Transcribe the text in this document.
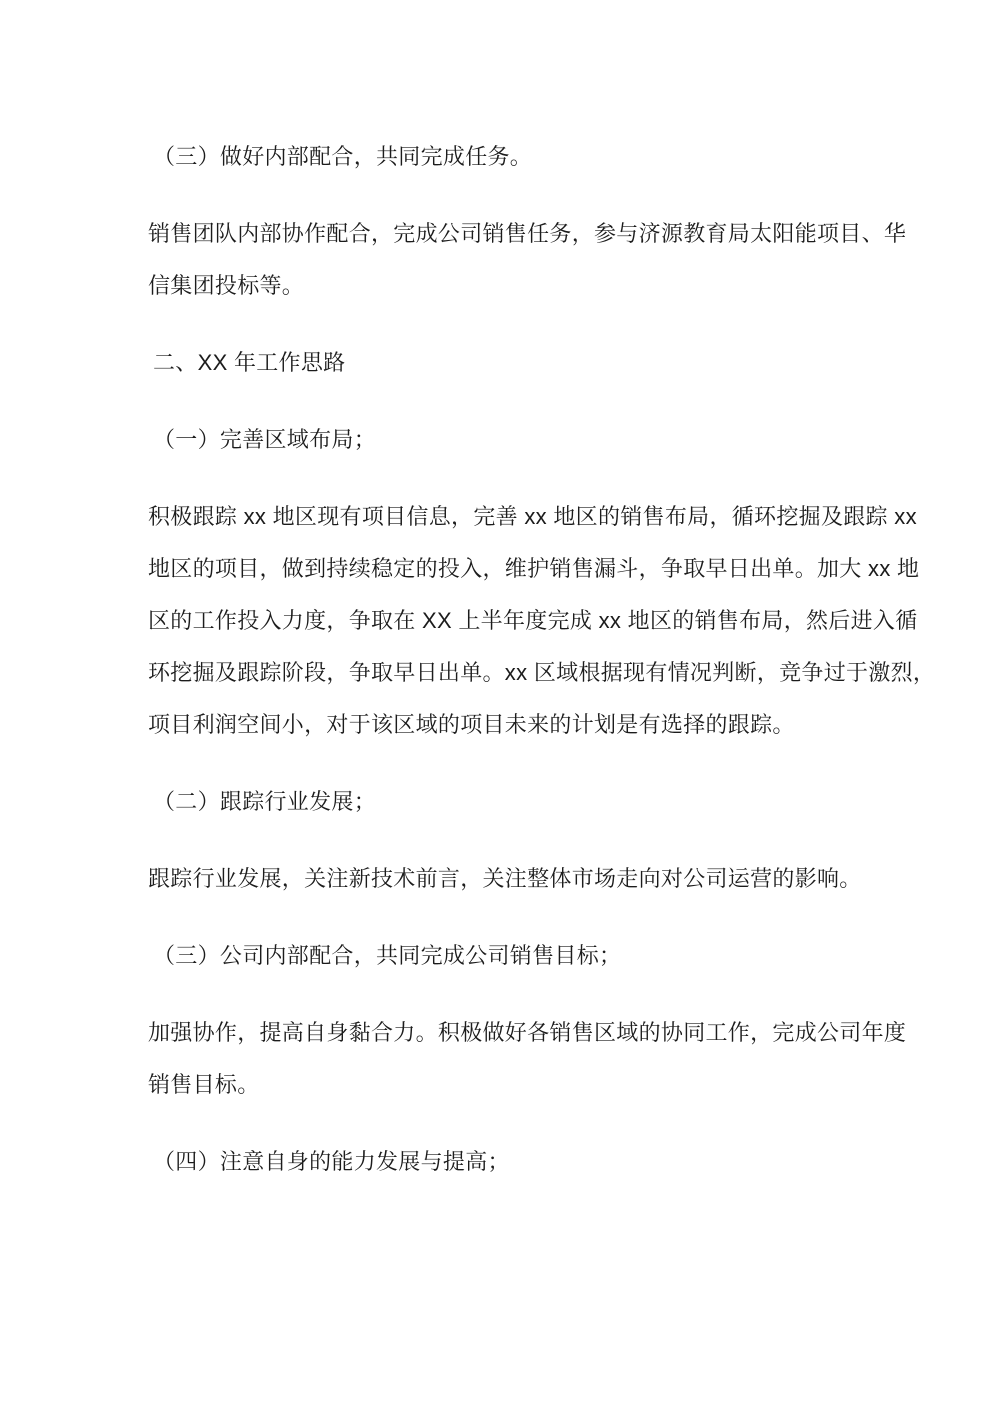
（三）做好内部配合，共同完成任务。
销售团队内部协作配合，完成公司销售任务，参与济源教育局太阳能项目、华
信集团投标等。
二、XX 年工作思路
（一）完善区域布局；
积极跟踪 xx 地区现有项目信息，完善 xx 地区的销售布局，循环挖掘及跟踪 xx
地区的项目，做到持续稳定的投入，维护销售漏斗，争取早日出单。加大 xx 地
区的工作投入力度，争取在 XX 上半年度完成 xx 地区的销售布局，然后进入循
环挖掘及跟踪阶段，争取早日出单。xx 区域根据现有情况判断，竞争过于激烈，
项目利润空间小，对于该区域的项目未来的计划是有选择的跟踪。
（二）跟踪行业发展；
跟踪行业发展，关注新技术前言，关注整体市场走向对公司运营的影响。
（三）公司内部配合，共同完成公司销售目标；
加强协作，提高自身黏合力。积极做好各销售区域的协同工作，完成公司年度
销售目标。
（四）注意自身的能力发展与提高；
